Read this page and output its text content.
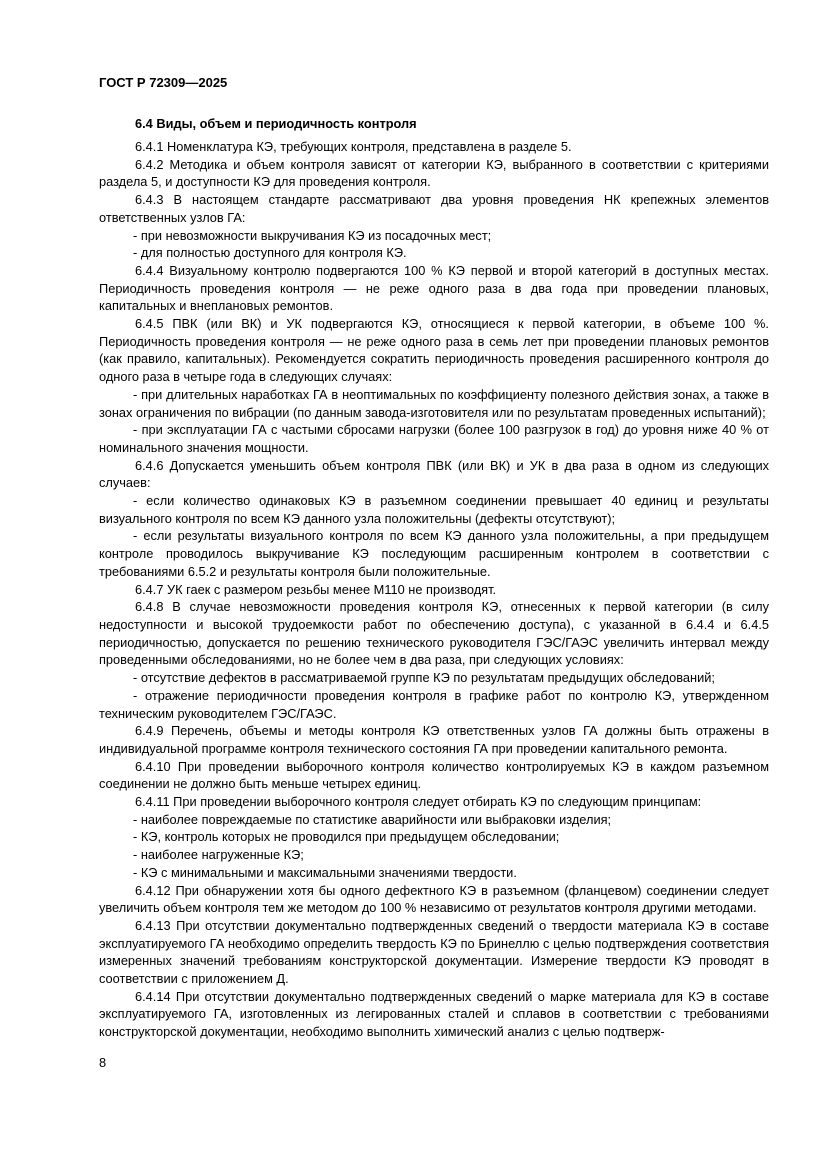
ГОСТ Р 72309—2025
6.4 Виды, объем и периодичность контроля

6.4.1 Номенклатура КЭ, требующих контроля, представлена в разделе 5.

6.4.2 Методика и объем контроля зависят от категории КЭ, выбранного в соответствии с критериями раздела 5, и доступности КЭ для проведения контроля.

6.4.3 В настоящем стандарте рассматривают два уровня проведения НК крепежных элементов ответственных узлов ГА:

- при невозможности выкручивания КЭ из посадочных мест;

- для полностью доступного для контроля КЭ.

6.4.4 Визуальному контролю подвергаются 100 % КЭ первой и второй категорий в доступных местах. Периодичность проведения контроля — не реже одного раза в два года при проведении плановых, капитальных и внеплановых ремонтов.

6.4.5 ПВК (или ВК) и УК подвергаются КЭ, относящиеся к первой категории, в объеме 100 %. Периодичность проведения контроля — не реже одного раза в семь лет при проведении плановых ремонтов (как правило, капитальных). Рекомендуется сократить периодичность проведения расширенного контроля до одного раза в четыре года в следующих случаях:

- при длительных наработках ГА в неоптимальных по коэффициенту полезного действия зонах, а также в зонах ограничения по вибрации (по данным завода-изготовителя или по результатам проведенных испытаний);

- при эксплуатации ГА с частыми сбросами нагрузки (более 100 разгрузок в год) до уровня ниже 40 % от номинального значения мощности.

6.4.6 Допускается уменьшить объем контроля ПВК (или ВК) и УК в два раза в одном из следующих случаев:

- если количество одинаковых КЭ в разъемном соединении превышает 40 единиц и результаты визуального контроля по всем КЭ данного узла положительны (дефекты отсутствуют);

- если результаты визуального контроля по всем КЭ данного узла положительны, а при предыдущем контроле проводилось выкручивание КЭ последующим расширенным контролем в соответствии с требованиями 6.5.2 и результаты контроля были положительные.

6.4.7 УК гаек с размером резьбы менее М110 не производят.

6.4.8 В случае невозможности проведения контроля КЭ, отнесенных к первой категории (в силу недоступности и высокой трудоемкости работ по обеспечению доступа), с указанной в 6.4.4 и 6.4.5 периодичностью, допускается по решению технического руководителя ГЭС/ГАЭС увеличить интервал между проведенными обследованиями, но не более чем в два раза, при следующих условиях:

- отсутствие дефектов в рассматриваемой группе КЭ по результатам предыдущих обследований;

- отражение периодичности проведения контроля в графике работ по контролю КЭ, утвержденном техническим руководителем ГЭС/ГАЭС.

6.4.9 Перечень, объемы и методы контроля КЭ ответственных узлов ГА должны быть отражены в индивидуальной программе контроля технического состояния ГА при проведении капитального ремонта.

6.4.10 При проведении выборочного контроля количество контролируемых КЭ в каждом разъемном соединении не должно быть меньше четырех единиц.

6.4.11 При проведении выборочного контроля следует отбирать КЭ по следующим принципам:

- наиболее повреждаемые по статистике аварийности или выбраковки изделия;

- КЭ, контроль которых не проводился при предыдущем обследовании;

- наиболее нагруженные КЭ;

- КЭ с минимальными и максимальными значениями твердости.

6.4.12 При обнаружении хотя бы одного дефектного КЭ в разъемном (фланцевом) соединении следует увеличить объем контроля тем же методом до 100 % независимо от результатов контроля другими методами.

6.4.13 При отсутствии документально подтвержденных сведений о твердости материала КЭ в составе эксплуатируемого ГА необходимо определить твердость КЭ по Бринеллю с целью подтверждения соответствия измеренных значений требованиям конструкторской документации. Измерение твердости КЭ проводят в соответствии с приложением Д.

6.4.14 При отсутствии документально подтвержденных сведений о марке материала для КЭ в составе эксплуатируемого ГА, изготовленных из легированных сталей и сплавов в соответствии с требованиями конструкторской документации, необходимо выполнить химический анализ с целью подтверж-

8
